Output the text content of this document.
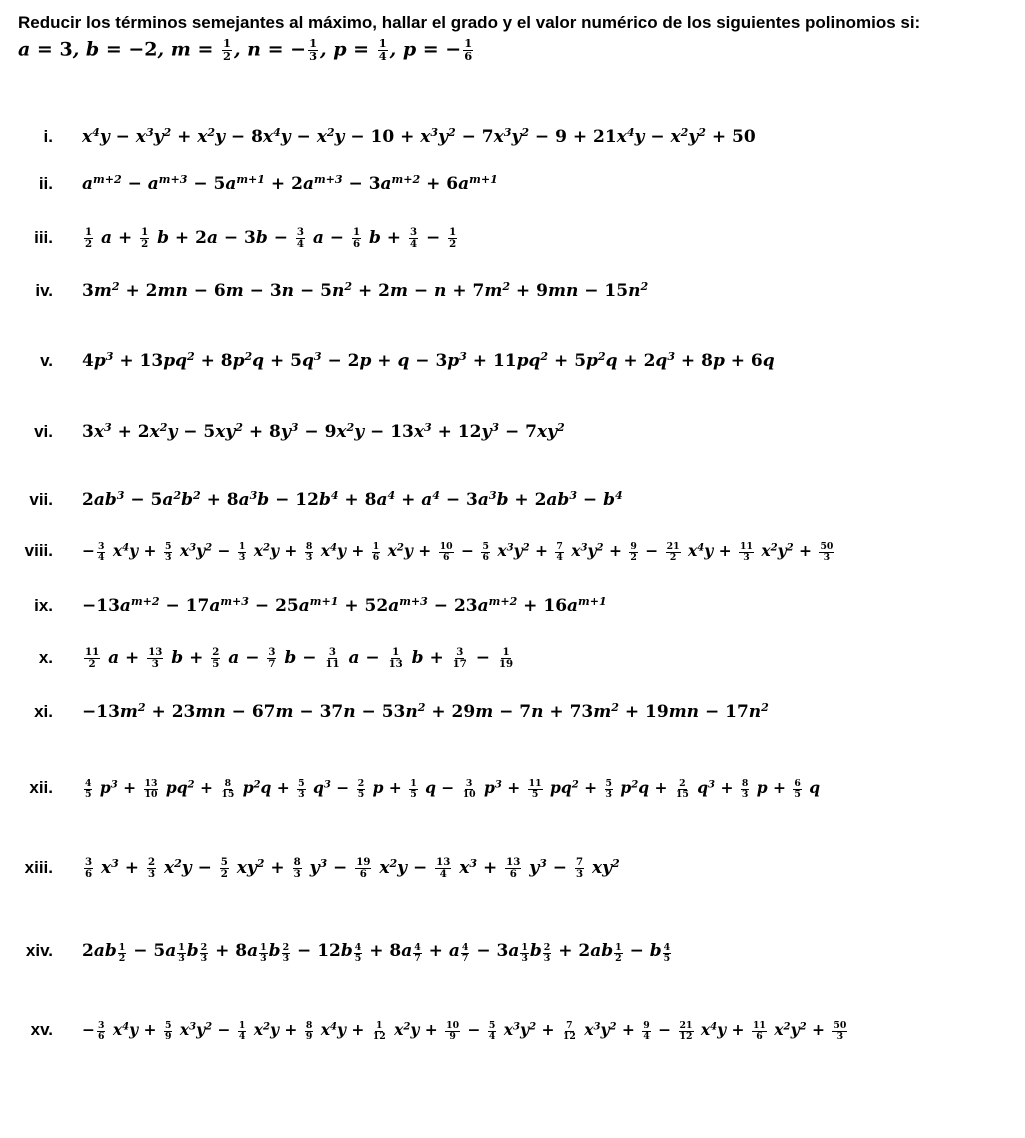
Reducir los términos semejantes al máximo, hallar el grado y el valor numérico de los siguientes polinomios si:
a = 3, b = −2, $m = \frac{1}{2}$ , n = − $\frac{1}{3}$ , $p = \frac{1}{4}$ , p = − $\frac{1}{6}$
i. $x^4y - x^3y^2 + x^2y - 8x^4y - x^2y - 10 + x^3y^2 - 7x^3y^2 - 9 + 21x^4y - x^2y^2 + 50$
ii. $a^{m+2} - a^{m+3} - 5a^{m+1} + 2a^{m+3} - 3a^{m+2} + 6a^{m+1}$
iii.	$\frac{1}{2}$ $a + \frac{1}{2}$ $b + 2a - 3b - \frac{3}{4}$ $a - \frac{1}{6}$ $b + \frac{3}{4} - \frac{1}{2}$
iv. $3m^2 + 2mn - 6m - 3n - 5n^2 + 2m - n + 7m^2 + 9mn - 15n^2$
v. $4p^3 + 13pq^2 + 8p^2q + 5q^3 - 2p + q - 3p^3 + 11pq^2 + 5p^2q + 2q^3 + 8p + 6q$
vi. $3x^3 + 2x^2y - 5xy^2 + 8y^3 - 9x^2y - 13x^3 + 12y^3 - 7xy^2$
vii. $2ab^3 - 5a^2b^2 + 8a^3b - 12b^4 + 8a^4 + a^4 - 3a^3b + 2ab^3 - b^4$
viii. − $\frac{3}{4} x^4y + \frac{5}{3} x^3y^2 - \frac{1}{3} x^2y + \frac{8}{3} x^4y + \frac{1}{6} x^2y + \frac{10}{6} - \frac{5}{6} x^3y^2 + \frac{7}{4} x^3y^2 + \frac{9}{2} - \frac{21}{2} x^4y + \frac{11}{3} x^2y^2 + \frac{50}{3}$
ix. $-13a^{m+2} - 17a^{m+3} - 25a^{m+1} + 52a^{m+3} - 23a^{m+2} + 16a^{m+1}$
x.	$\frac{11}{2}$ $a + \frac{13}{3}$ $b + \frac{2}{5}$ $a - \frac{3}{7}$ $b - \frac{3}{11}$ $a - \frac{1}{13}$ $b + \frac{3}{17} - \frac{1}{19}$
xi. $-13m^2 + 23mn - 67m - 37n - 53n^2 + 29m - 7n + 73m^2 + 19mn - 17n^2$
xii.	$\frac{4}{5} p^3 + \frac{13}{10} pq^2 + \frac{8}{15} p^2q + \frac{5}{3} q^3 - \frac{2}{5}$ $p + \frac{1}{5}$ $q - \frac{3}{10} p^3 + \frac{11}{5} pq^2 + \frac{5}{3} p^2q + \frac{2}{15} q^3 + \frac{8}{3}$ $p + \frac{6}{5}$ q
xiii.	$\frac{3}{6} x^3 + \frac{2}{3} x^2y - \frac{5}{2} xy^2 + \frac{8}{3} y^3 - \frac{19}{6} x^2y - \frac{13}{4} x^3 + \frac{13}{6} y^3 - \frac{7}{3} xy^2$
xiv. 2ab $^{\frac{1}{2}}$ − 5a $^{\frac{1}{3}}$ b $^{\frac{2}{3}}$ + 8a $^{\frac{1}{3}}$ b $^{\frac{2}{3}}$ − 12b $^{\frac{4}{5}}$ + 8a $^{\frac{4}{7}}$ + a $^{\frac{4}{7}}$ − 3a $^{\frac{1}{3}}$ b $^{\frac{2}{3}}$ + 2ab $^{\frac{1}{2}}$ − b $^{\frac{4}{5}}$
xv. − $\frac{3}{6} x^4y + \frac{5}{9} x^3y^2 - \frac{1}{4} x^2y + \frac{8}{9} x^4y + \frac{1}{12} x^2y + \frac{10}{9} - \frac{5}{4} x^3y^2 + \frac{7}{12} x^3y^2 + \frac{9}{4} - \frac{21}{12} x^4y + \frac{11}{6} x^2y^2 + \frac{50}{3}$
